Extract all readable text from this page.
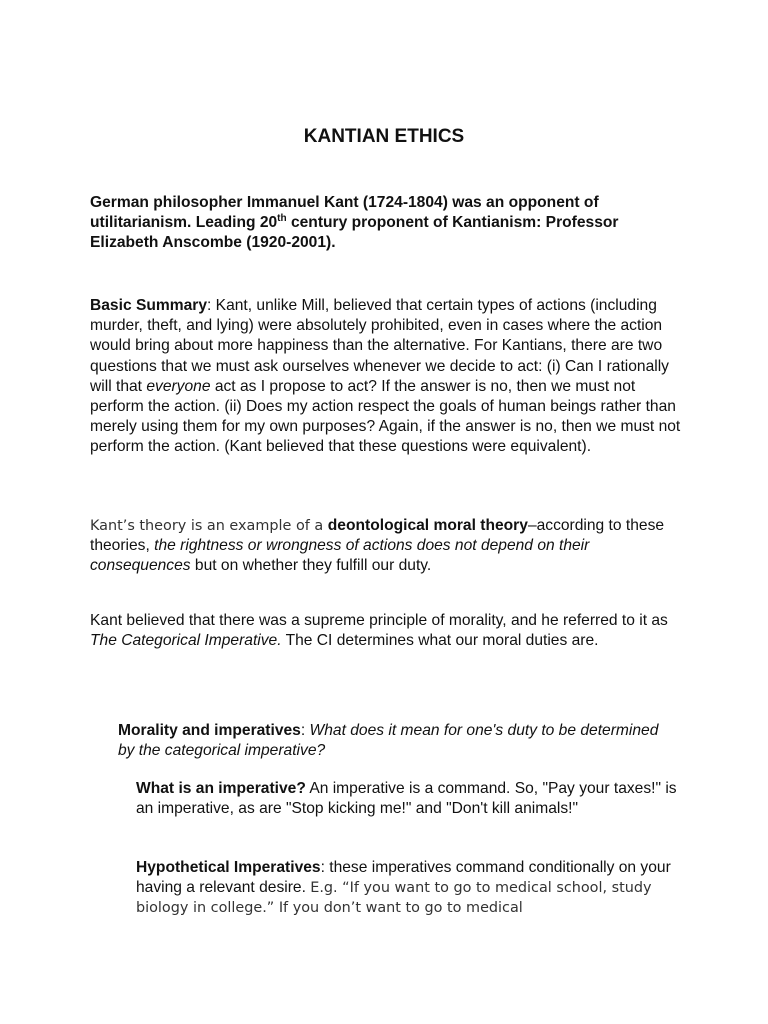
KANTIAN ETHICS

German philosopher Immanuel Kant (1724-1804) was an opponent of utilitarianism. Leading 20th century proponent of Kantianism: Professor Elizabeth Anscombe (1920-2001).

Basic Summary: Kant, unlike Mill, believed that certain types of actions (including murder, theft, and lying) were absolutely prohibited, even in cases where the action would bring about more happiness than the alternative. For Kantians, there are two questions that we must ask ourselves whenever we decide to act: (i) Can I rationally will that everyone act as I propose to act? If the answer is no, then we must not perform the action. (ii) Does my action respect the goals of human beings rather than merely using them for my own purposes? Again, if the answer is no, then we must not perform the action. (Kant believed that these questions were equivalent).

Kant’s theory is an example of a deontological moral theory–according to these theories, the rightness or wrongness of actions does not depend on their consequences but on whether they fulfill our duty.

Kant believed that there was a supreme principle of morality, and he referred to it as The Categorical Imperative. The CI determines what our moral duties are.

Morality and imperatives: What does it mean for one's duty to be determined by the categorical imperative?

What is an imperative? An imperative is a command. So, "Pay your taxes!" is an imperative, as are "Stop kicking me!" and "Don't kill animals!"

Hypothetical Imperatives: these imperatives command conditionally on your having a relevant desire. E.g. “If you want to go to medical school, study biology in college.” If you don’t want to go to medical
